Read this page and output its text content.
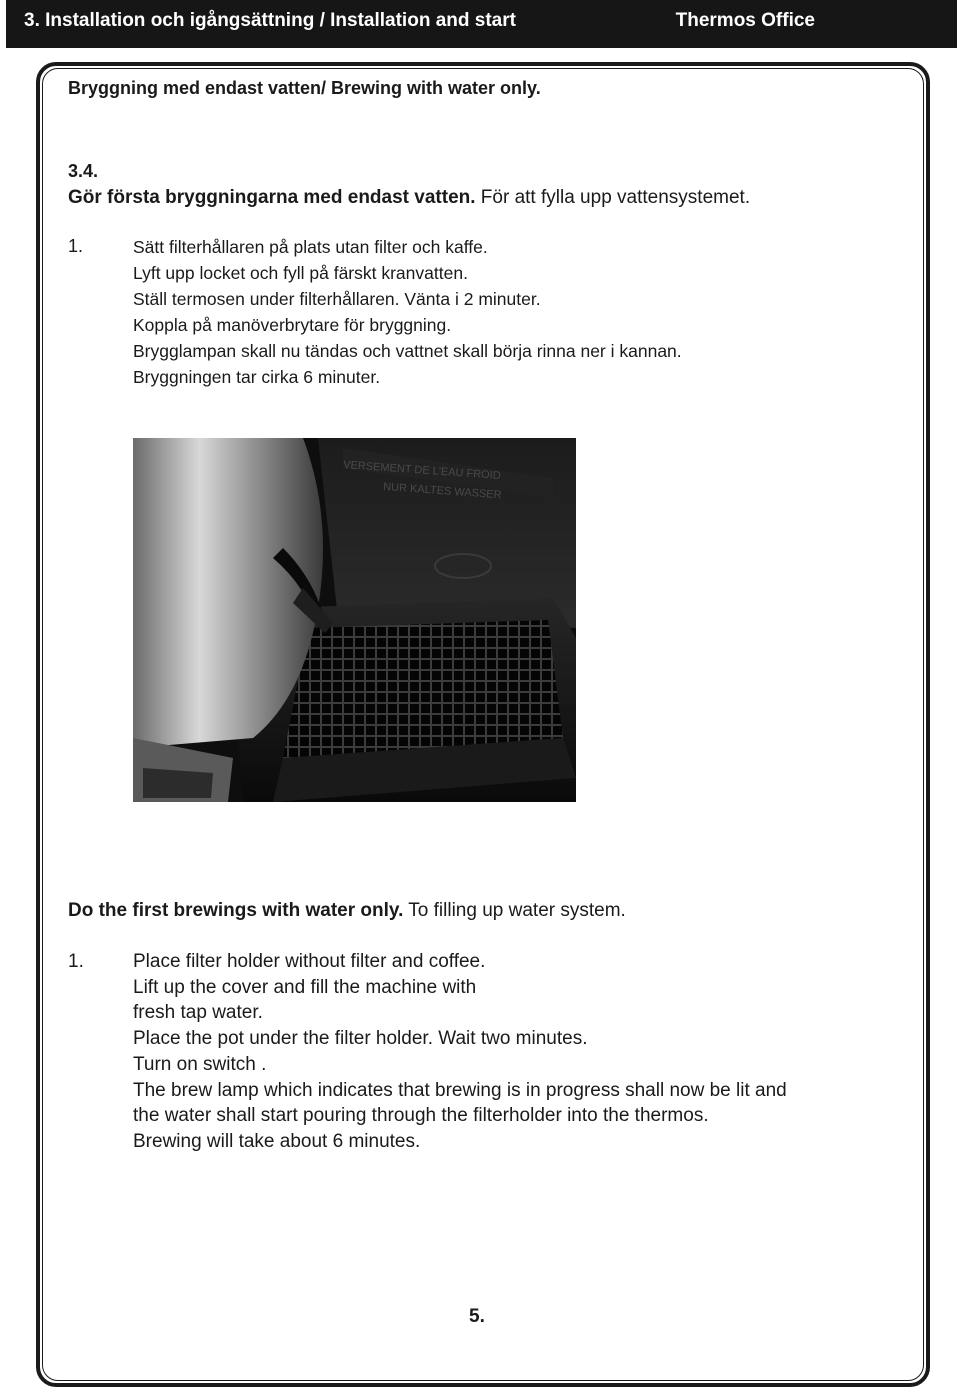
3. Installation och igångsättning / Installation and start	Thermos Office
Bryggning med endast vatten/ Brewing with water only.
3.4.
Gör första bryggningarna med endast vatten. För att fylla upp vattensystemet.
1.	Sätt filterhållaren på plats utan filter och kaffe.
Lyft upp locket och fyll på färskt kranvatten.
Ställ termosen under filterhållaren. Vänta i 2 minuter.
Koppla på manöverbrytare för bryggning.
Brygglampan skall nu tändas och vattnet skall börja rinna ner i kannan.
Bryggningen tar cirka 6 minuter.
VERSEMENT DE L'EAU FROID
NUR KALTES WASSER
Do the first brewings with water only. To filling up water system.
1.	Place filter holder without filter and coffee.
Lift up the cover and fill the machine with
fresh tap water.
Place the pot under the filter holder. Wait two minutes.
Turn on switch .
The brew lamp which indicates that brewing is in progress shall now be lit and
the water shall start pouring through the filterholder into the thermos.
Brewing will take about 6 minutes.
5.
